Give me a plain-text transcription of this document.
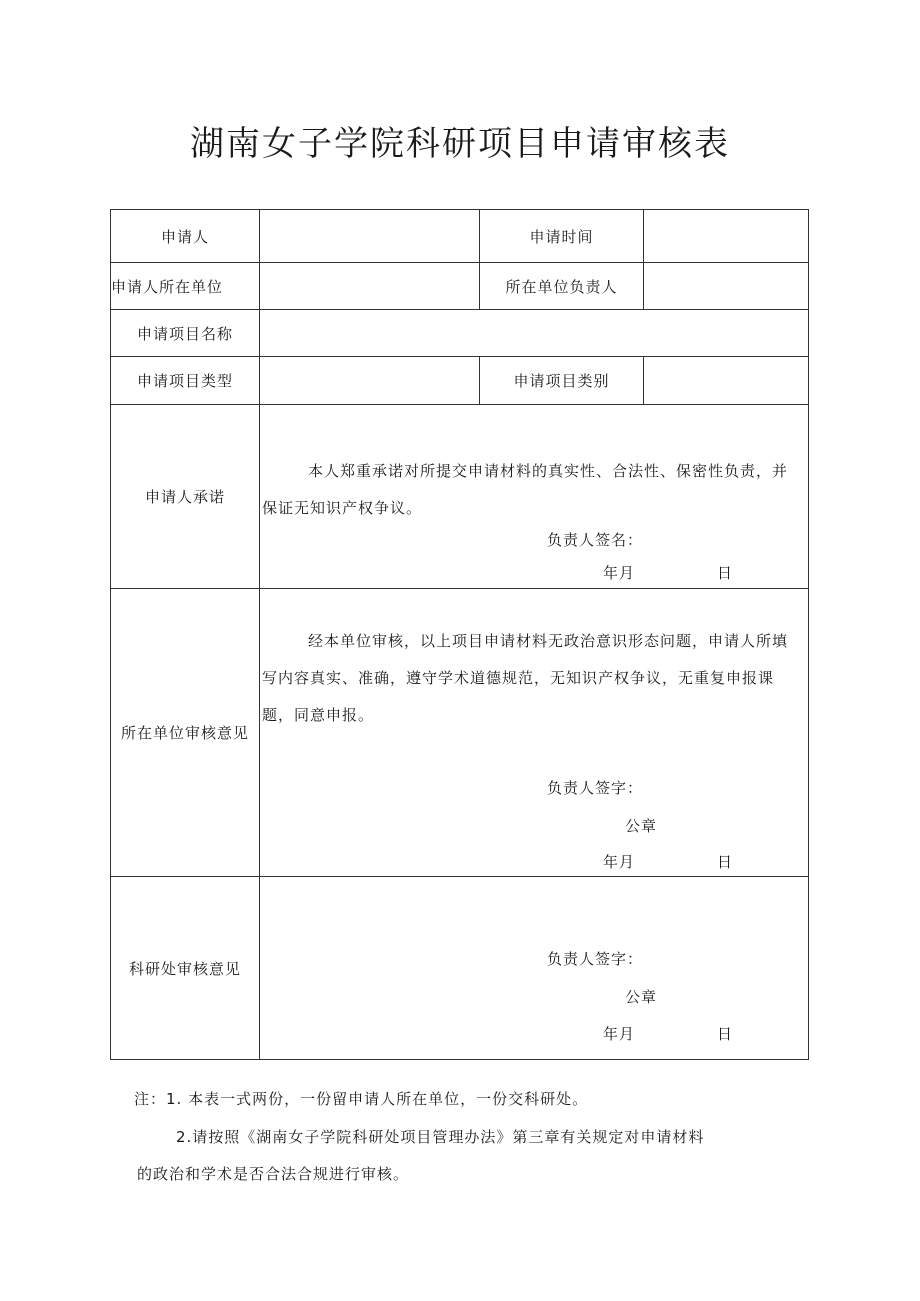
湖南女子学院科研项目申请审核表
申请人		申请时间	
申请人所在单位		所在单位负责人	
申请项目名称			
申请项目类型		申请项目类别	
申请人承诺	本人郑重承诺对所提交申请材料的真实性、合法性、保密性负责，并保证无知识产权争议。
负责人签名：
年月 日		

所在单位审核意见	经本单位审核，以上项目申请材料无政治意识形态问题，申请人所填写内容真实、准确，遵守学术道德规范，无知识产权争议，无重复申报课题，同意申报。
负责人签字：
公章
年月 日		

科研处审核意见	负责人签字：
公章
年月 日		
注：1. 本表一式两份，一份留申请人所在单位，一份交科研处。
2.请按照《湖南女子学院科研处项目管理办法》第三章有关规定对申请材料
的政治和学术是否合法合规进行审核。
